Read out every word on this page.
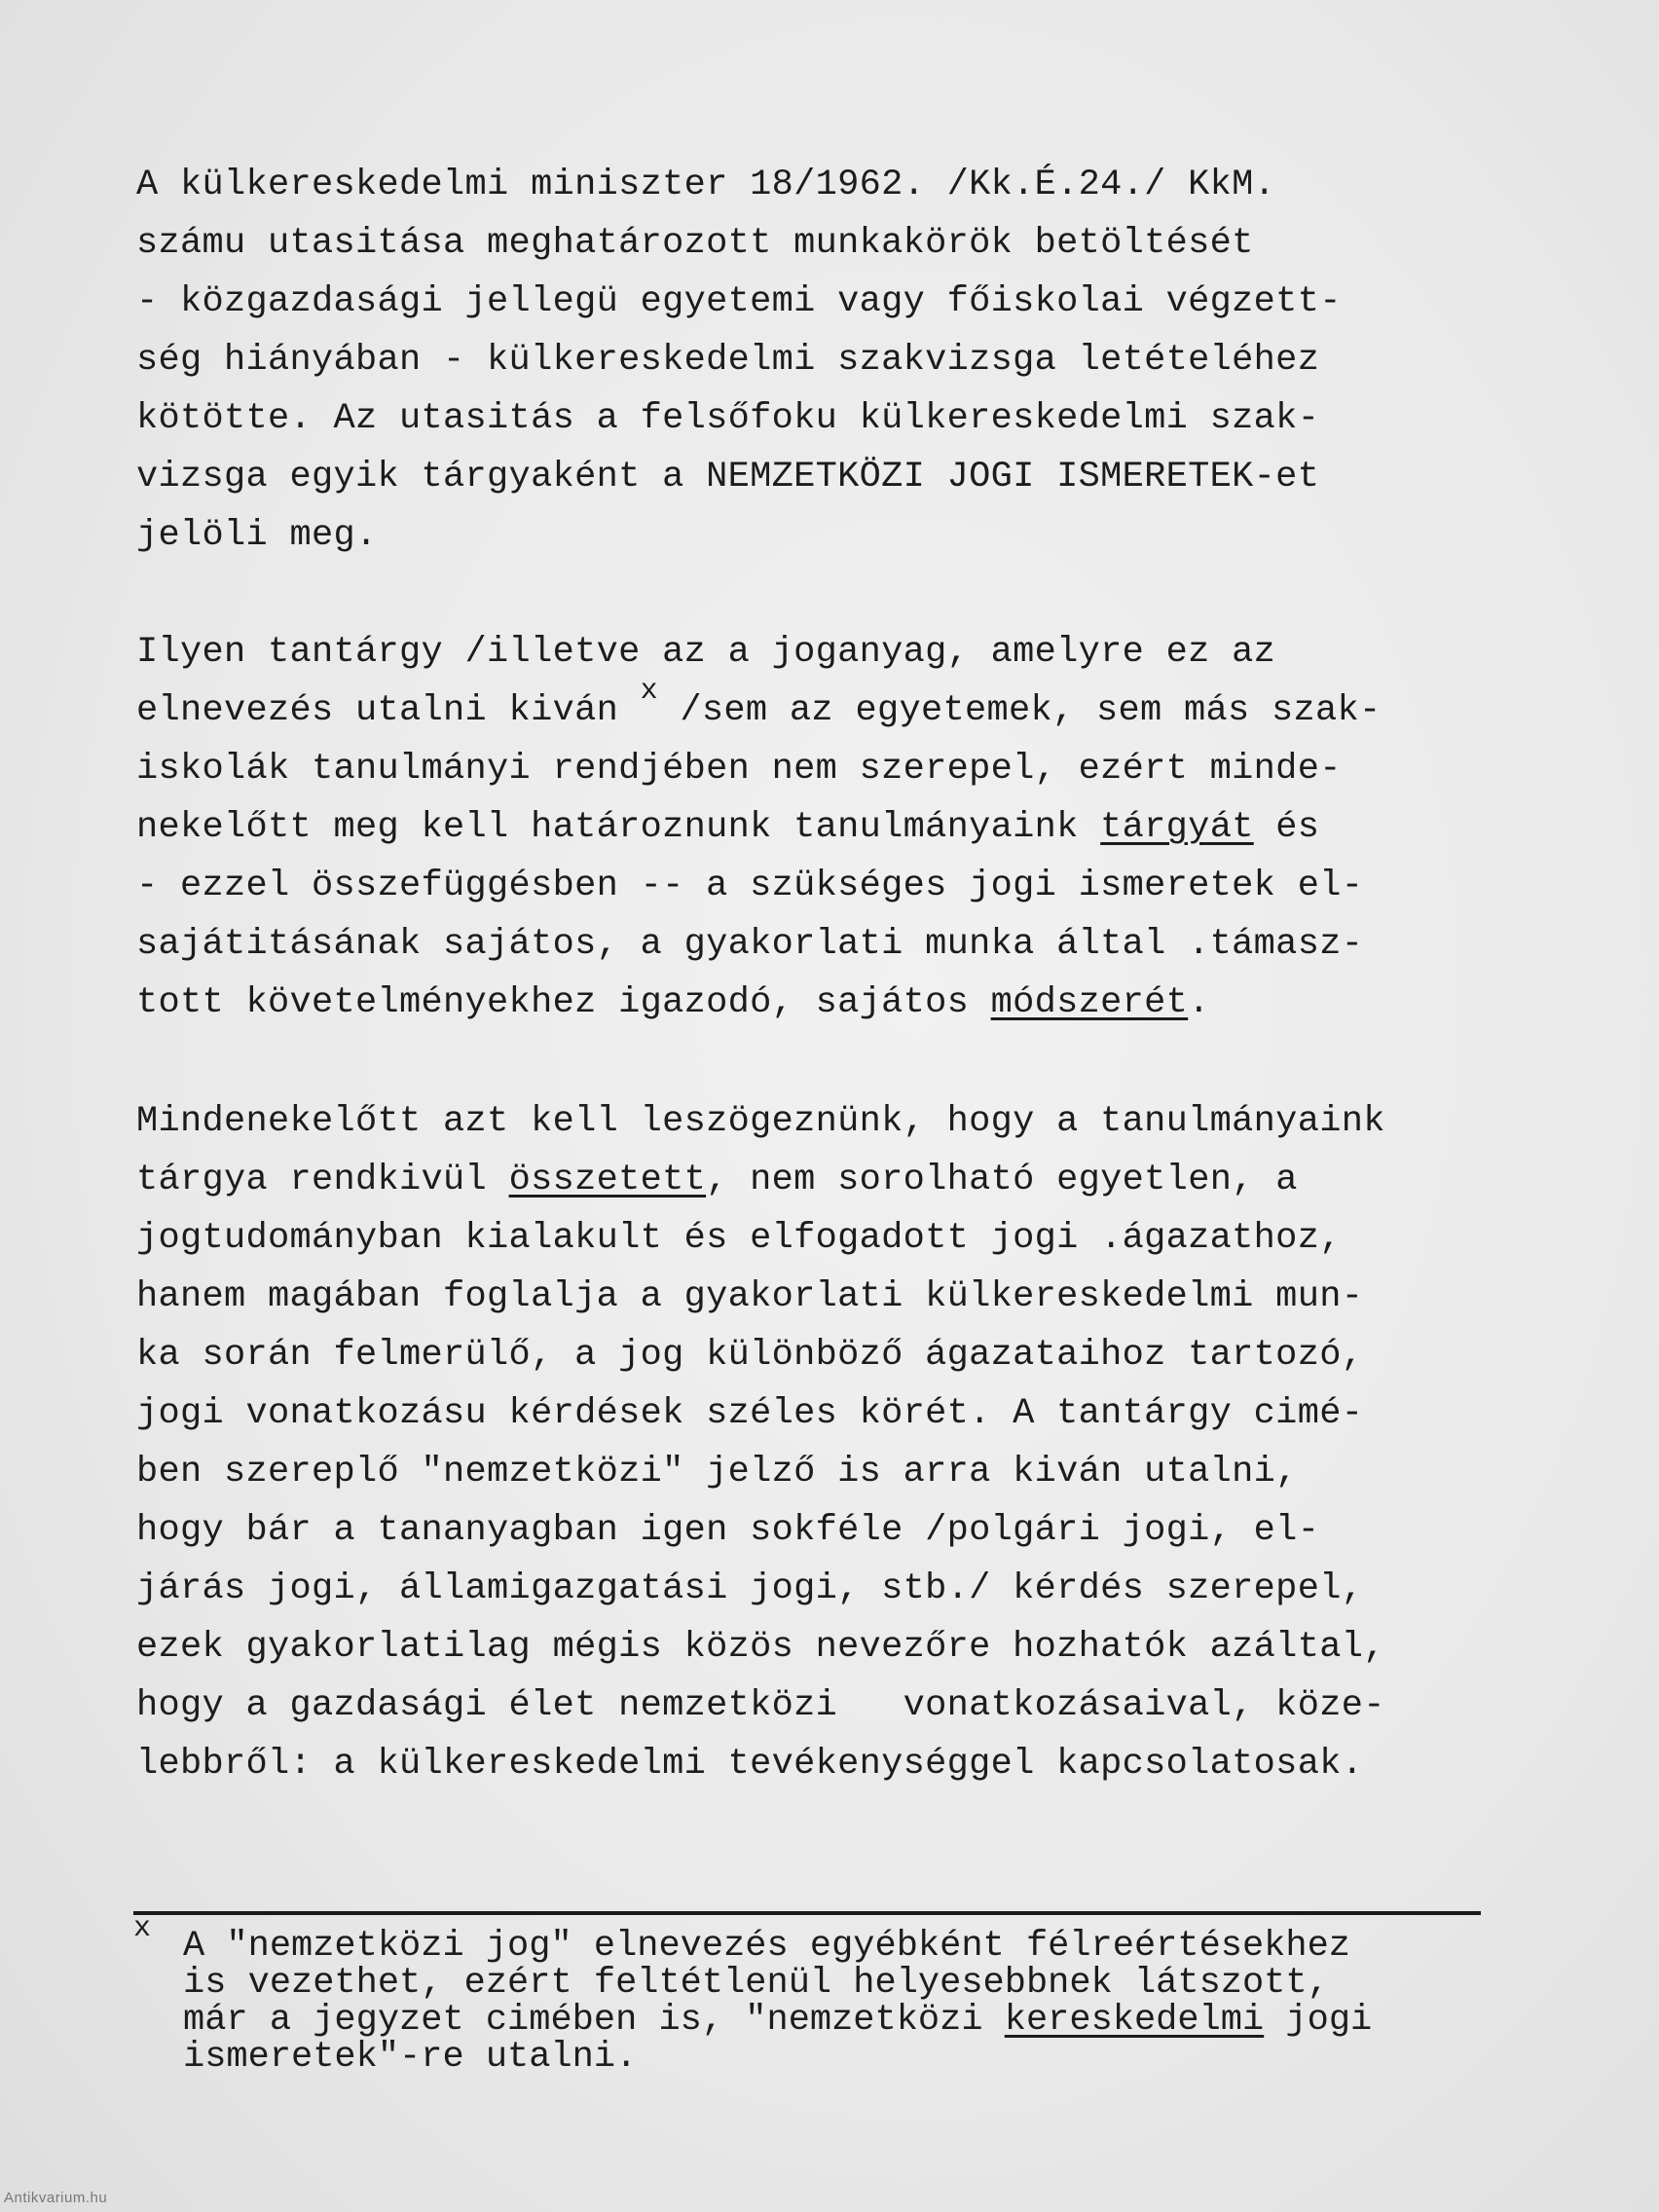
A külkereskedelmi miniszter 18/1962. /Kk.É.24./ KkM.
számu utasitása meghatározott munkakörök betöltését
- közgazdasági jellegü egyetemi vagy főiskolai végzett-
ség hiányában - külkereskedelmi szakvizsga letételéhez
kötötte. Az utasitás a felsőfoku külkereskedelmi szak-
vizsga egyik tárgyaként a NEMZETKÖZI JOGI ISMERETEK-et
jelöli meg.
Ilyen tantárgy /illetve az a joganyag, amelyre ez az
elnevezés utalni kiván $^x$ /sem az egyetemek, sem más szak-
iskolák tanulmányi rendjében nem szerepel, ezért minde-
nekelőtt meg kell határoznunk tanulmányaink tárgyát és
- ezzel összefüggésben -- a szükséges jogi ismeretek el-
sajátitásának sajátos, a gyakorlati munka által .támasz-
tott követelményekhez igazodó, sajátos módszerét.
Mindenekelőtt azt kell leszögeznünk, hogy a tanulmányaink
tárgya rendkivül összetett, nem sorolható egyetlen, a
jogtudományban kialakult és elfogadott jogi .ágazathoz,
hanem magában foglalja a gyakorlati külkereskedelmi mun-
ka során felmerülő, a jog különböző ágazataihoz tartozó,
jogi vonatkozásu kérdések széles körét. A tantárgy cimé-
ben szereplő "nemzetközi" jelző is arra kiván utalni,
hogy bár a tananyagban igen sokféle /polgári jogi, el-
járás jogi, államigazgatási jogi, stb./ kérdés szerepel,
ezek gyakorlatilag mégis közös nevezőre hozhatók azáltal,
hogy a gazdasági élet nemzetközi   vonatkozásaival, köze-
lebbről: a külkereskedelmi tevékenységgel kapcsolatosak.
x A "nemzetközi jog" elnevezés egyébként félreértésekhez
is vezethet, ezért feltétlenül helyesebbnek látszott,
már a jegyzet cimében is, "nemzetközi kereskedelmi jogi
ismeretek"-re utalni.
Antikvarium.hu
